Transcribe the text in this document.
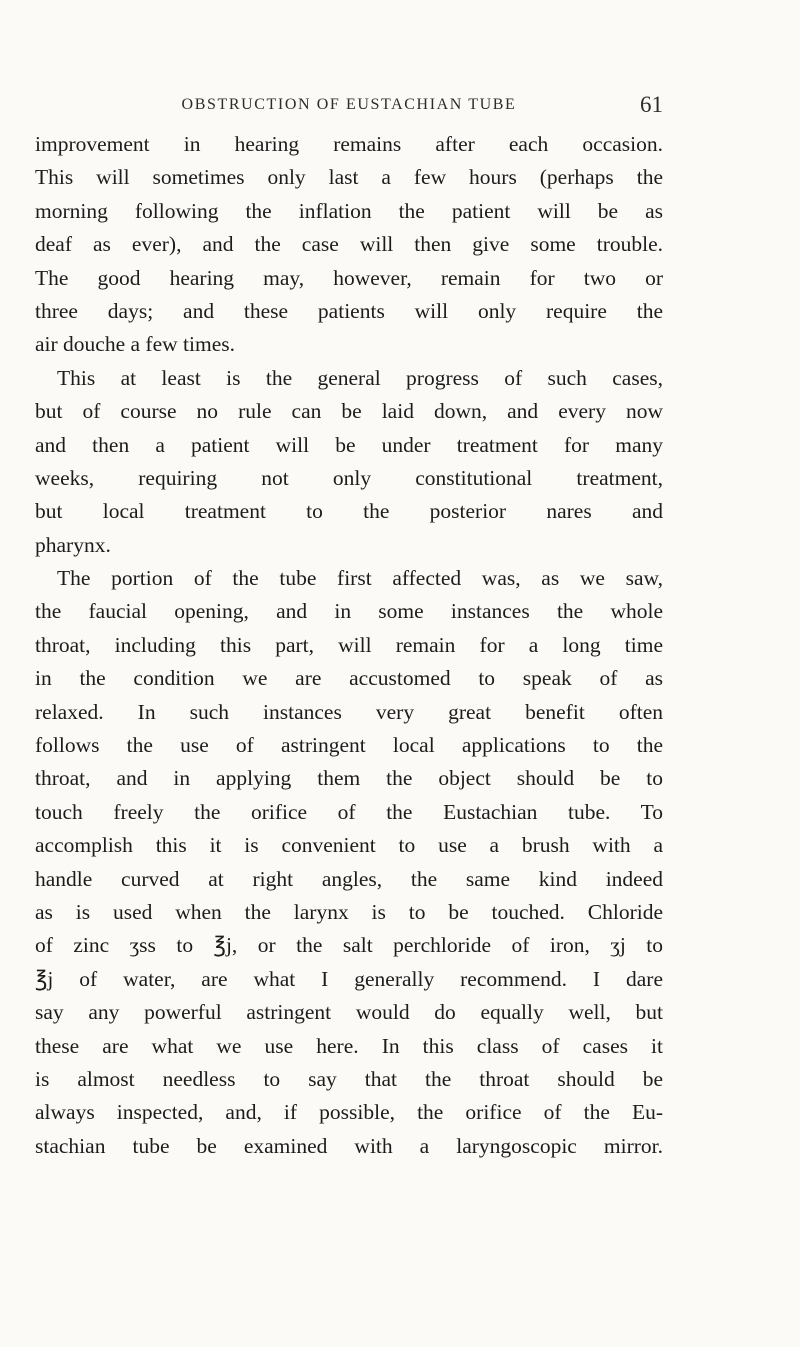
OBSTRUCTION OF EUSTACHIAN TUBE	61
improvement in hearing remains after each occasion.
This will sometimes only last a few hours (perhaps the
morning following the inflation the patient will be as
deaf as ever), and the case will then give some trouble.
The good hearing may, however, remain for two or
three days; and these patients will only require the
air douche a few times.
This at least is the general progress of such cases,
but of course no rule can be laid down, and every now
and then a patient will be under treatment for many
weeks, requiring not only constitutional treatment,
but local treatment to the posterior nares and
pharynx.
The portion of the tube first affected was, as we saw,
the faucial opening, and in some instances the whole
throat, including this part, will remain for a long time
in the condition we are accustomed to speak of as
relaxed. In such instances very great benefit often
follows the use of astringent local applications to the
throat, and in applying them the object should be to
touch freely the orifice of the Eustachian tube. To
accomplish this it is convenient to use a brush with a
handle curved at right angles, the same kind indeed
as is used when the larynx is to be touched. Chloride
of zinc ʒss to ℥j, or the salt perchloride of iron, ʒj to
℥j of water, are what I generally recommend. I dare
say any powerful astringent would do equally well, but
these are what we use here. In this class of cases it
is almost needless to say that the throat should be
always inspected, and, if possible, the orifice of the Eu-
stachian tube be examined with a laryngoscopic mirror.
